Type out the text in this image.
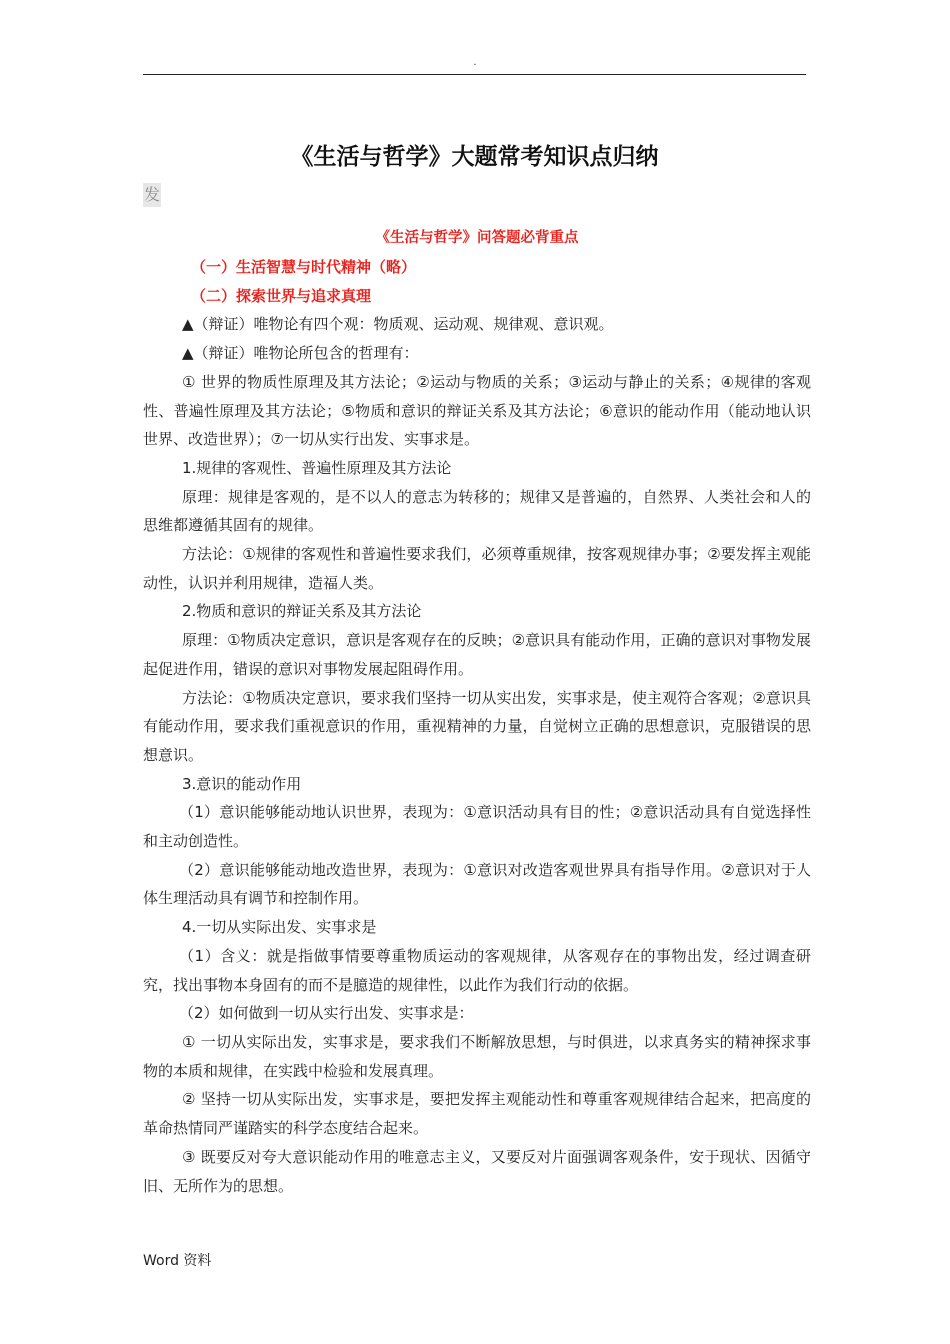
.
《生活与哲学》大题常考知识点归纳
发

《生活与哲学》问答题必背重点

（一）生活智慧与时代精神（略）

（二）探索世界与追求真理

▲（辩证）唯物论有四个观：物质观、运动观、规律观、意识观。

▲（辩证）唯物论所包含的哲理有：

① 世界的物质性原理及其方法论；②运动与物质的关系；③运动与静止的关系；④规律的客观性、普遍性原理及其方法论；⑤物质和意识的辩证关系及其方法论；⑥意识的能动作用（能动地认识世界、改造世界）；⑦一切从实行出发、实事求是。

1.规律的客观性、普遍性原理及其方法论

原理：规律是客观的，是不以人的意志为转移的；规律又是普遍的，自然界、人类社会和人的思维都遵循其固有的规律。

方法论：①规律的客观性和普遍性要求我们，必须尊重规律，按客观规律办事；②要发挥主观能动性，认识并利用规律，造福人类。

2.物质和意识的辩证关系及其方法论

原理：①物质决定意识，意识是客观存在的反映；②意识具有能动作用，正确的意识对事物发展起促进作用，错误的意识对事物发展起阻碍作用。

方法论：①物质决定意识，要求我们坚持一切从实出发，实事求是，使主观符合客观；②意识具有能动作用，要求我们重视意识的作用，重视精神的力量，自觉树立正确的思想意识，克服错误的思想意识。

3.意识的能动作用

（1）意识能够能动地认识世界，表现为：①意识活动具有目的性；②意识活动具有自觉选择性和主动创造性。

（2）意识能够能动地改造世界，表现为：①意识对改造客观世界具有指导作用。②意识对于人体生理活动具有调节和控制作用。

4.一切从实际出发、实事求是

（1）含义：就是指做事情要尊重物质运动的客观规律，从客观存在的事物出发，经过调查研究，找出事物本身固有的而不是臆造的规律性，以此作为我们行动的依据。

（2）如何做到一切从实行出发、实事求是：

① 一切从实际出发，实事求是，要求我们不断解放思想，与时俱进，以求真务实的精神探求事物的本质和规律，在实践中检验和发展真理。

② 坚持一切从实际出发，实事求是，要把发挥主观能动性和尊重客观规律结合起来，把高度的革命热情同严谨踏实的科学态度结合起来。

③ 既要反对夸大意识能动作用的唯意志主义，又要反对片面强调客观条件，安于现状、因循守旧、无所作为的思想。

Word 资料
